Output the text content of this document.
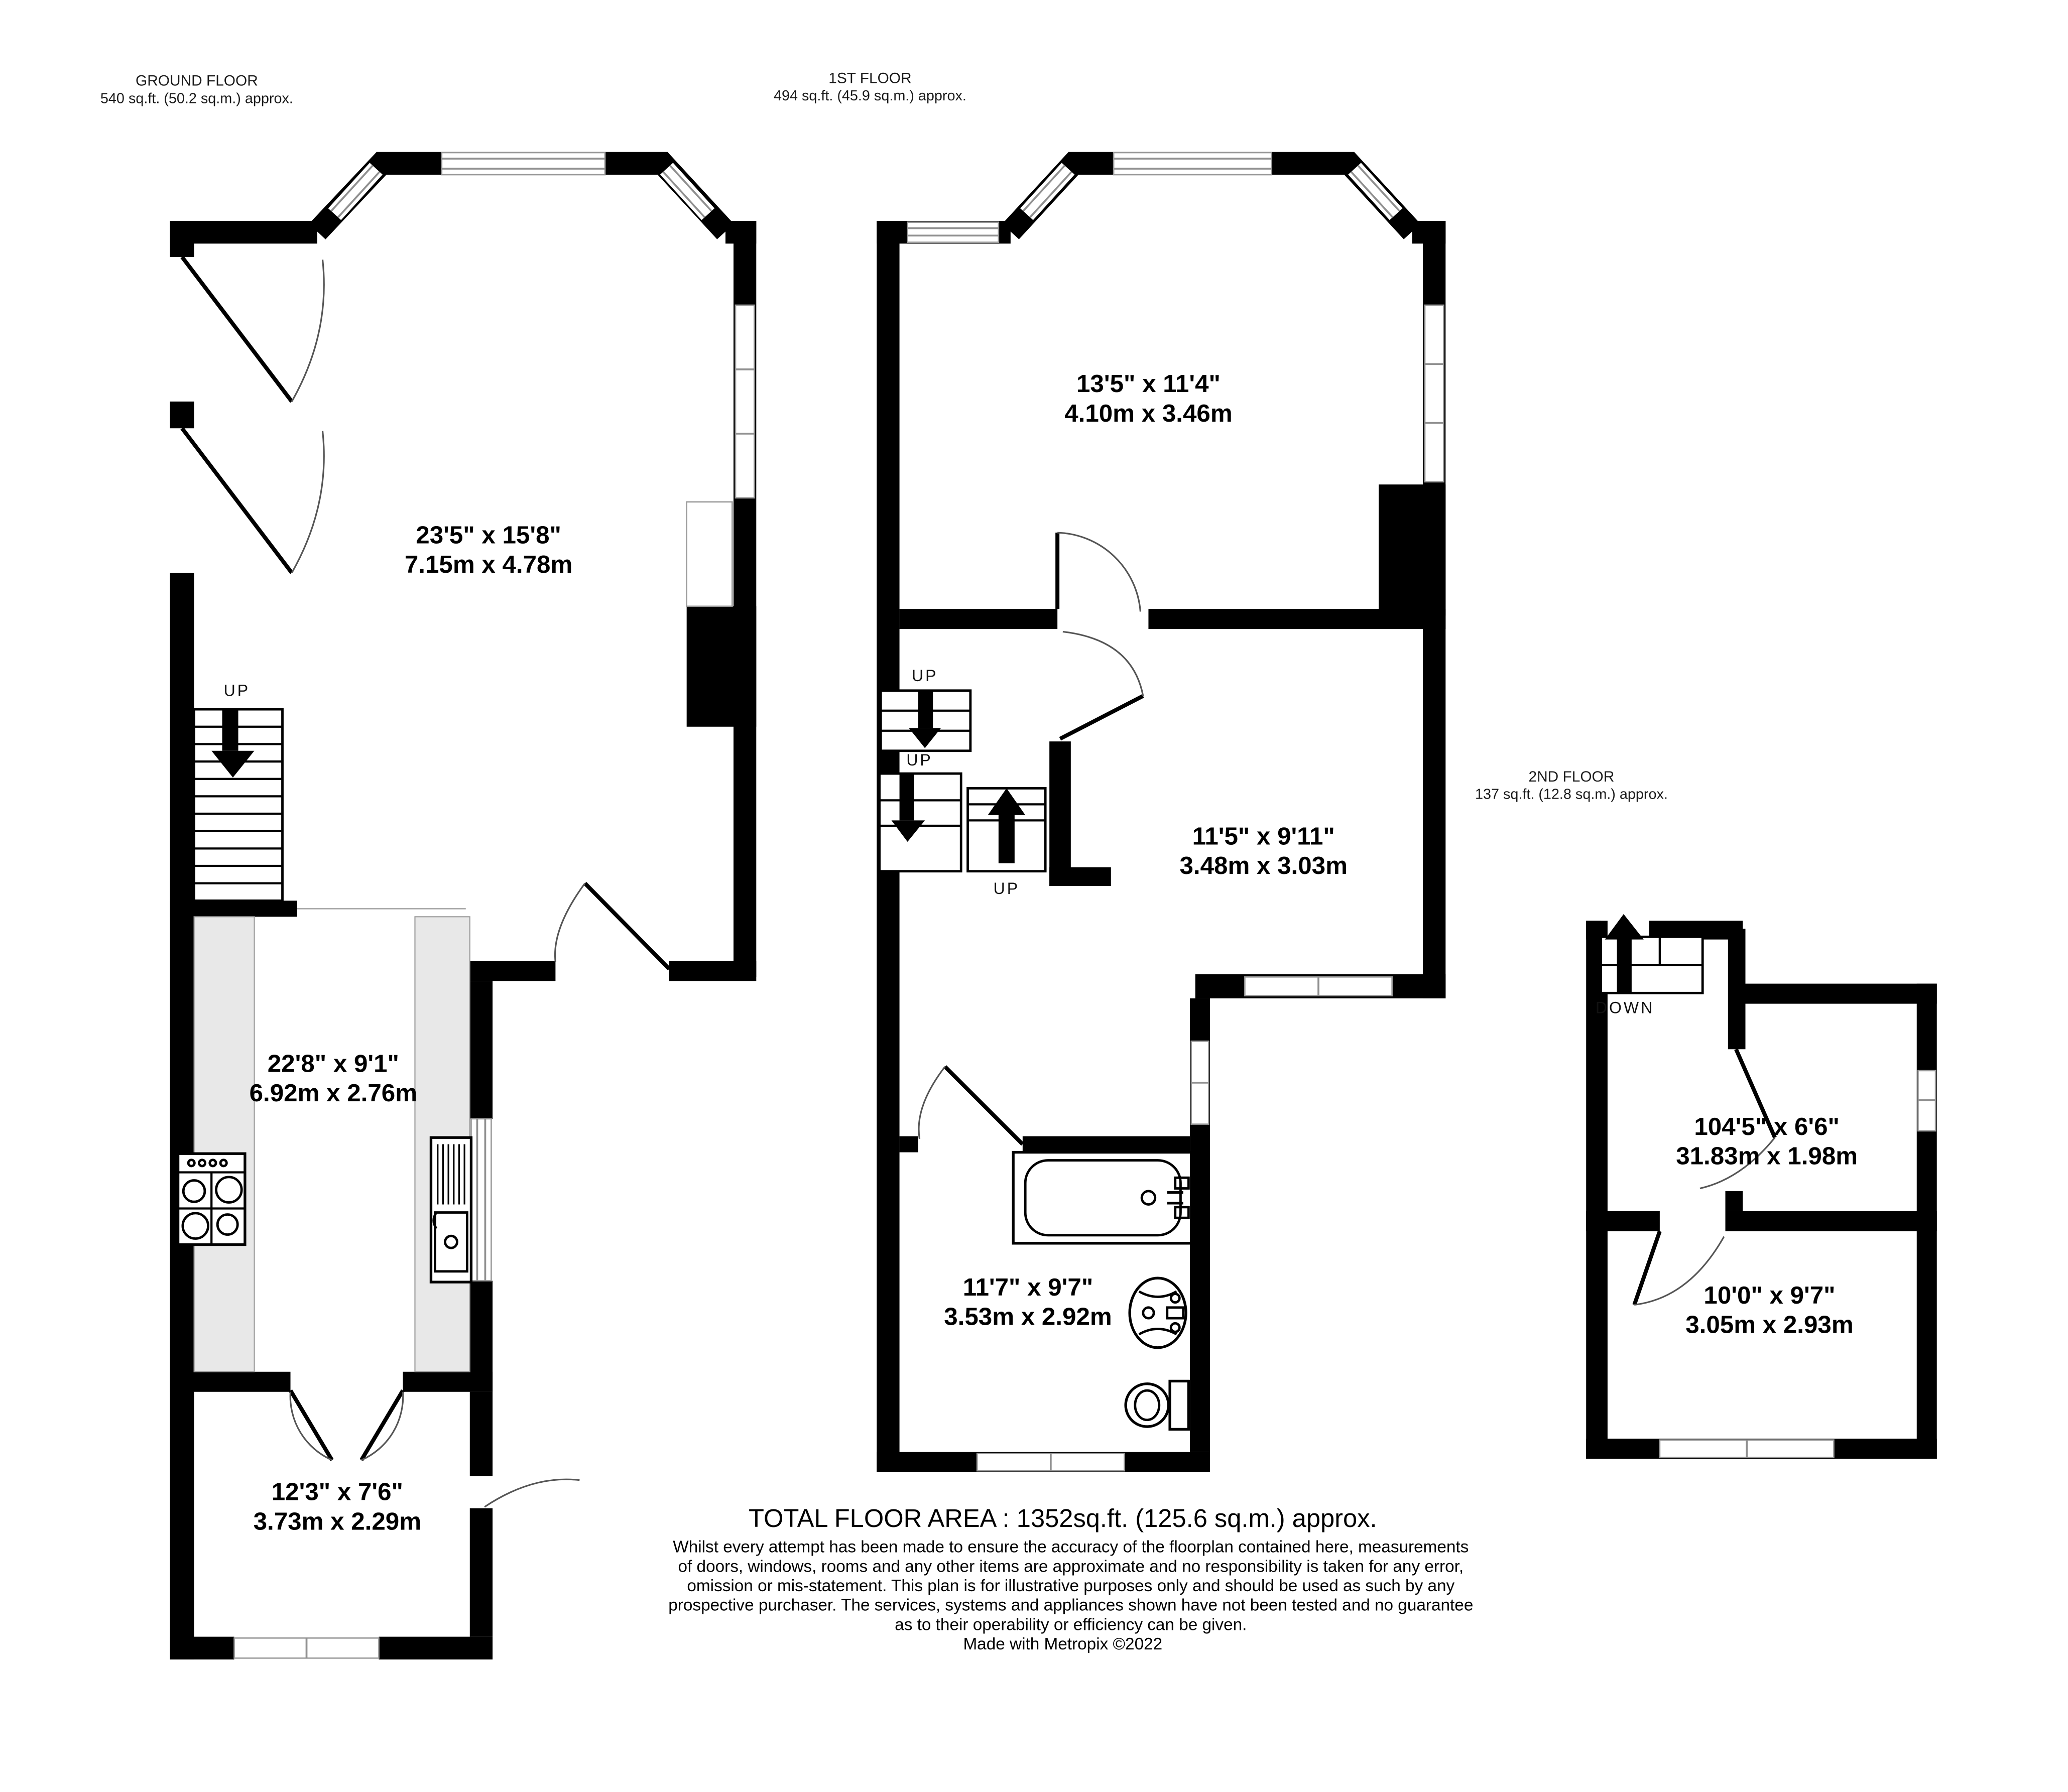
GROUND FLOOR
540 sq.ft. (50.2 sq.m.) approx.
UP
23'5" x 15'8"
7.15m x 4.78m
22'8" x 9'1"
6.92m x 2.76m
12'3" x 7'6"
3.73m x 2.29m
1ST FLOOR
494 sq.ft. (45.9 sq.m.) approx.
UP
UP
UP
13'5" x 11'4"
4.10m x 3.46m
11'5" x 9'11"
3.48m x 3.03m
11'7" x 9'7"
3.53m x 2.92m
2ND FLOOR
137 sq.ft. (12.8 sq.m.) approx.
DOWN
104'5" x 6'6"
31.83m x 1.98m
10'0" x 9'7"
3.05m x 2.93m
TOTAL FLOOR AREA : 1352sq.ft. (125.6 sq.m.) approx.
Whilst every attempt has been made to ensure the accuracy of the floorplan contained here, measurements
of doors, windows, rooms and any other items are approximate and no responsibility is taken for any error,
omission or mis-statement. This plan is for illustrative purposes only and should be used as such by any
prospective purchaser. The services, systems and appliances shown have not been tested and no guarantee
as to their operability or efficiency can be given.
Made with Metropix ©2022
